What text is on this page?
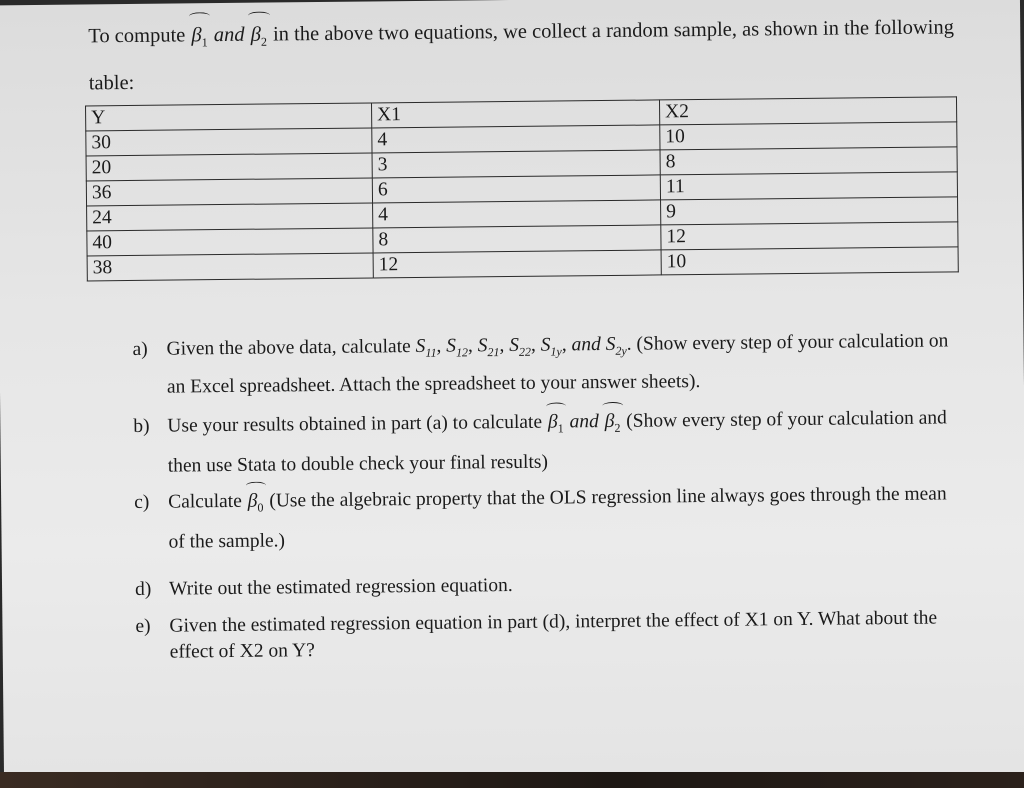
To compute $\beta_1$ and $\beta_2$ in the above two equations, we collect a random sample, as shown in the following table:

Y	X1	X2
30	4	10
20	3	8
36	6	11
24	4	9
40	8	12
38	12	10
a) Given the above data, calculate $S_{11}$, $S_{12}$, $S_{21}$, $S_{22}$, $S_{1y}$, and $S_{2y}$. (Show every step of your calculation on an Excel spreadsheet. Attach the spreadsheet to your answer sheets).
b) Use your results obtained in part (a) to calculate $\beta_1$ and $\beta_2$ (Show every step of your calculation and then use Stata to double check your final results)
c) Calculate $\beta_0$ (Use the algebraic property that the OLS regression line always goes through the mean of the sample.)
d) Write out the estimated regression equation.
e) Given the estimated regression equation in part (d), interpret the effect of X1 on Y. What about the effect of X2 on Y?
